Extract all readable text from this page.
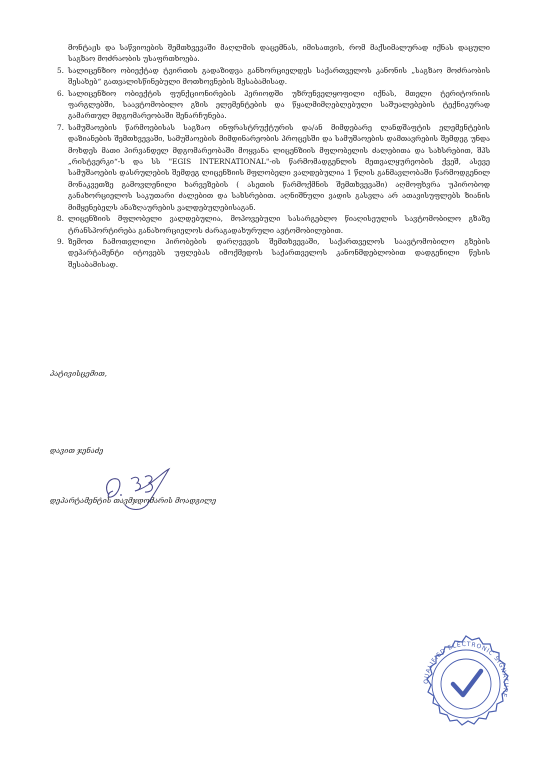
მონტაჟს და საწვიოების შემთხვევაში მაღლმის დაცემნას, იმისათვის, რომ მაქსიმალურად იქნას დაცული საგზაო მოძრაობის უსაფრთხოება.

5. სალიცენზიო ობიექტად ტვირთის გადაზიდვა განხორციელდეს საქართველოს კანონის „საგზაო მოძრაობის შესახებ“ გათვალისწინებული მოთხოვნების შესაბამისად.

6. სალიცენზიო ობიექტის ფუნქციონირების პერიოდში უზრუნველყოფილი იქნას, მთელი ტერიტორიის ფარგლებში, საავტომობილო გზის ელემენტების და წყალმიმღებლებული საშუალებების ტექნიკურად გამართულ მდგომარეობაში შენარჩუნება.

7. სამუშაოების წარმოებისას საგზაო ინფრასტრუქტურის და/ან მიმდებარე ლანდშაფტის ელემენტების დაზიანების შემთხვევაში, სამუშაოების მიმდინარეობის პროცესში და სამუშაოების დამთავრების შემდეგ უნდა მოხდეს მათი პირვანდელ მდგომარეობაში მოყვანა ლიცენზიის მფლობელის ძალებითა და სახსრებით, შპს „რისტვერკი“-ს და სს "EGIS INTERNATIONAL"-ის წარმომადგენლის მეთვალყურეობის ქვეშ, ასევე სამუშაოების დასრულების შემდეგ ლიცენზიის მფლობელი ვალდებულია 1 წლის განმავლობაში წარმოდგენილ მონაკვეთზე გამოვლენილი ხარვეზების ( ასეთის წარმოქმნის შემთხვევაში) აღმოფხვრა უპირობოდ განახორციელოს საკუთარი ძალებით და სახსრებით. აღნიშნული ვადის გასვლა არ ათავისუფლებს ზიანის მიმყენებელს ანაზღაურების ვალდებულებისაგან.

8. ლიცენზიის მფლობელი ვალდებულია, მოპოვებული სასარგებლო წიაღისეულის სავტომობილო გზაზე ტრანსპორტირება განახორციელოს ძარაგადახურული ავტომობილებით.

9. ზემოთ ჩამოთვლილი პირობების დარღვევის შემთხვევაში, საქართველოს საავტომობილო გზების დეპარტამენტი იტოვებს უფლებას იმოქმედოს საქართველოს კანონმდებლობით დადგენილი წესის შესაბამისად.

პატივისცემით,
დავით ჯენაძე
დეპარტამენტის თავმჯდომარის მოადგილე
QUALIFIED ELECTRONIC SIGNATURE
